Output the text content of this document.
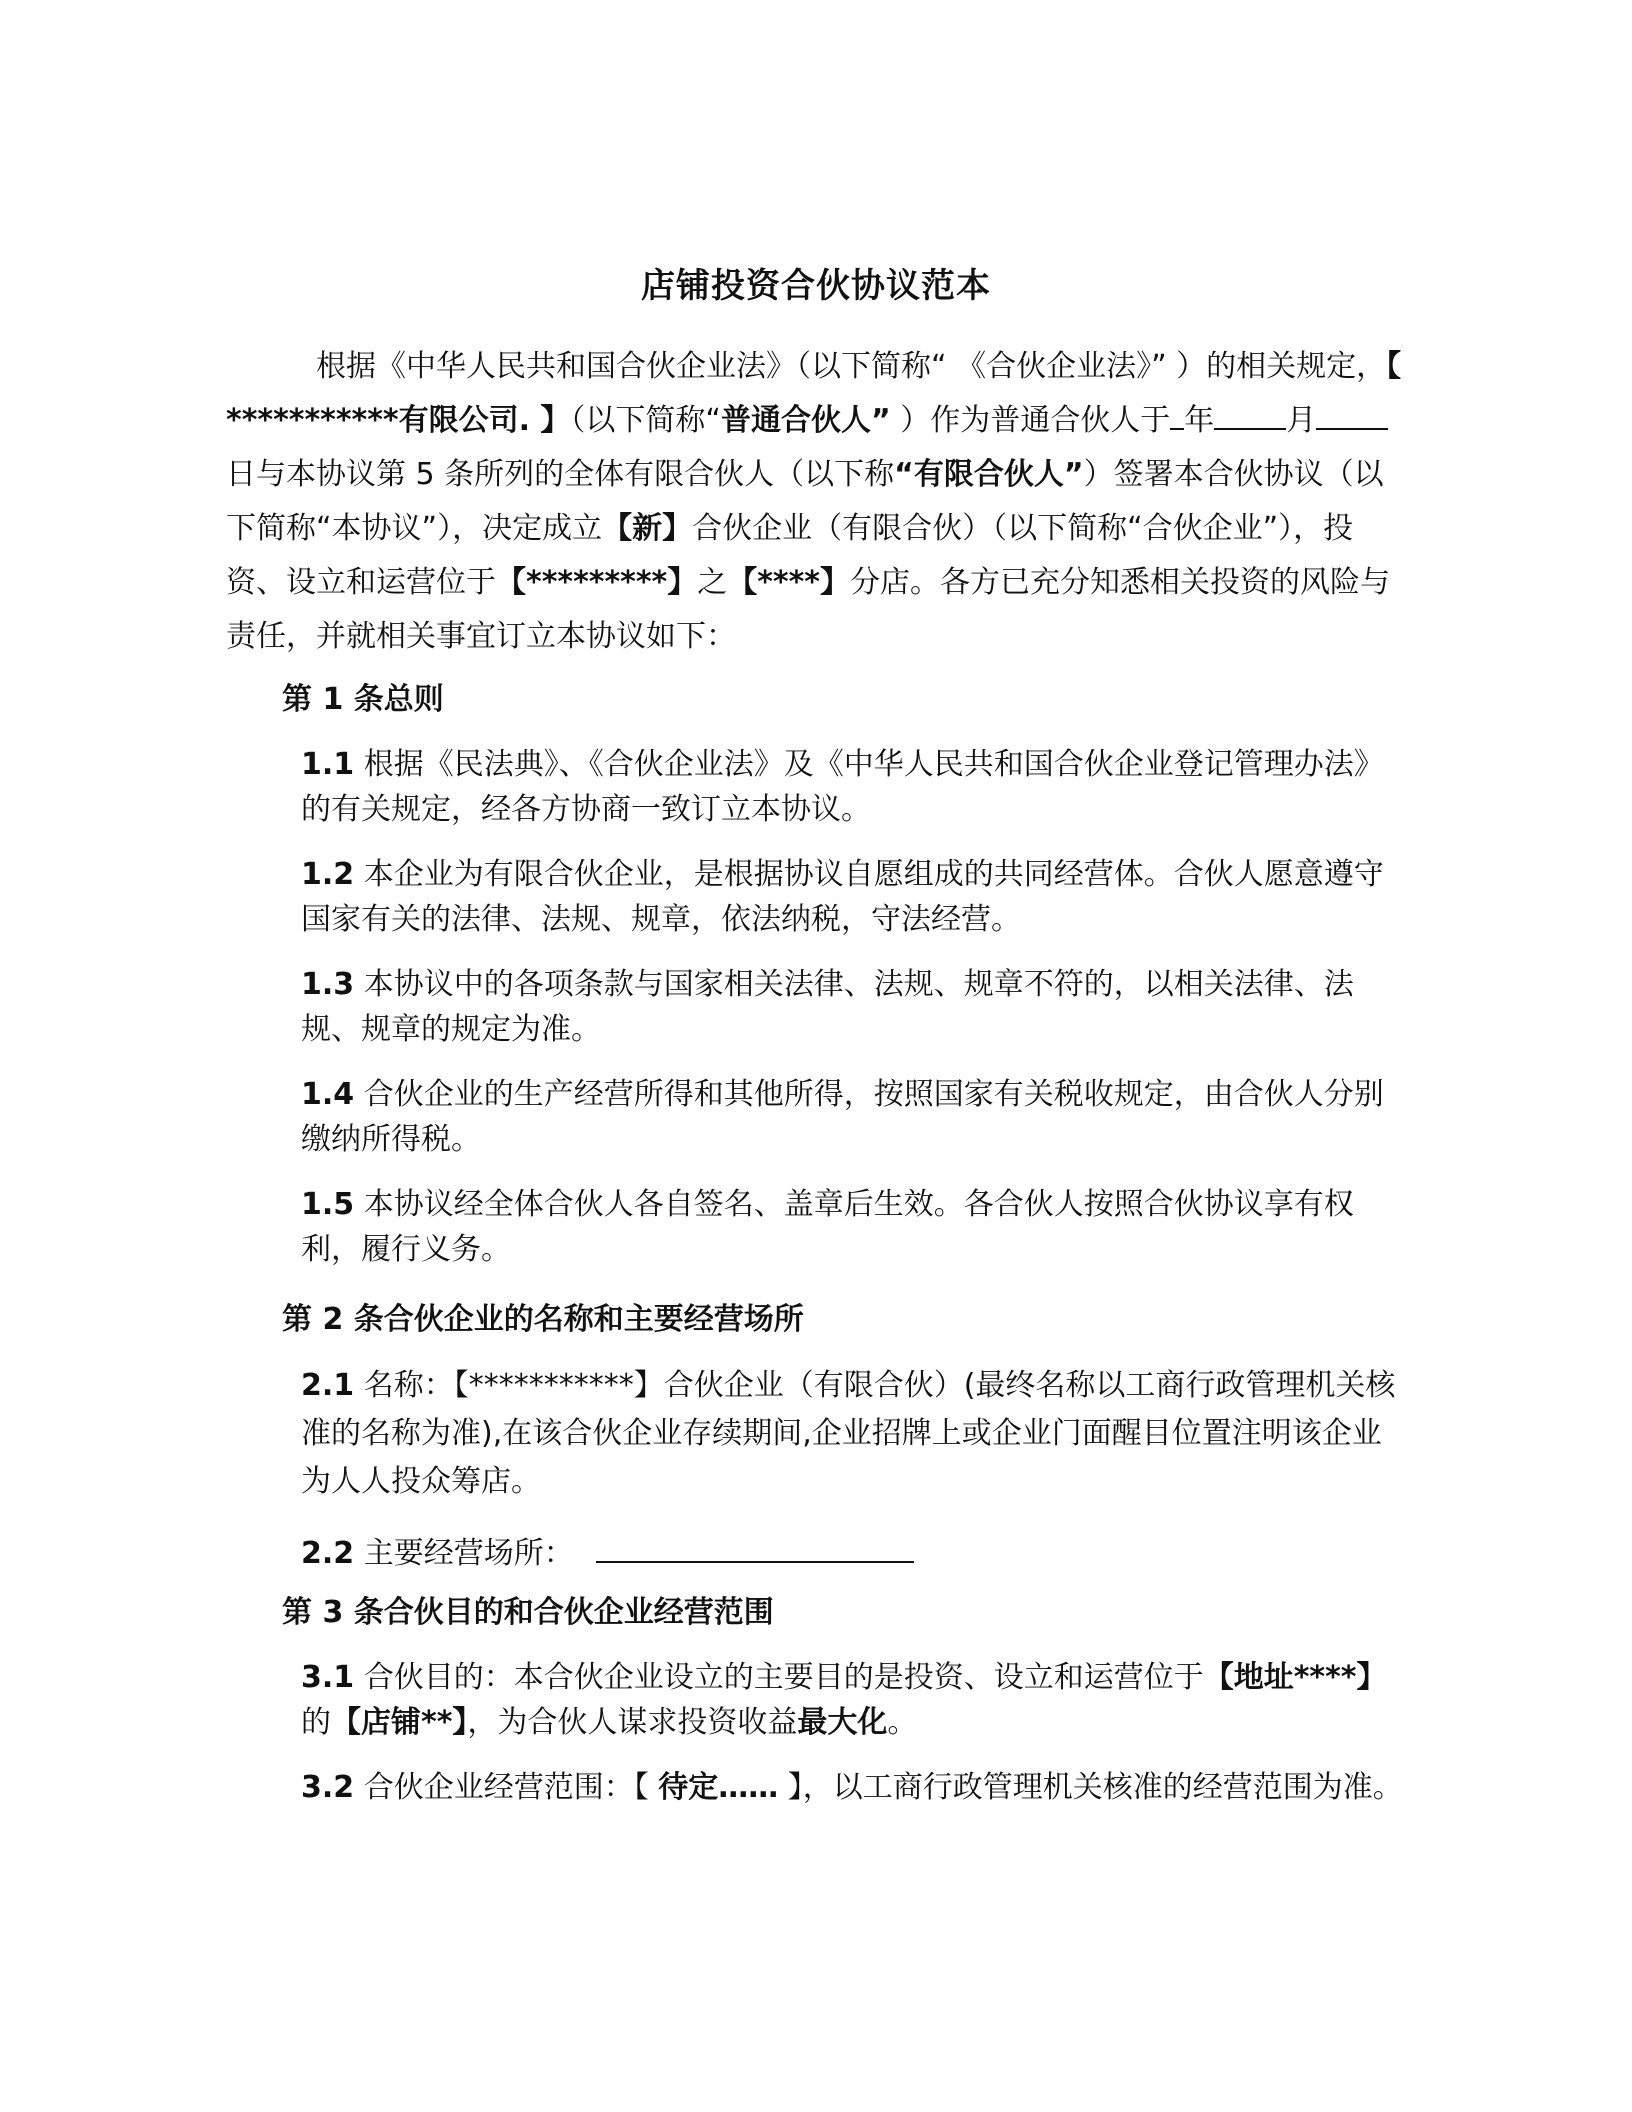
店铺投资合伙协议范本

根据《中华人民共和国合伙企业法》（以下简称“ 《合伙企业法》” ）的相关规定，【 ***********有限公司. 】（以下简称“普通合伙人” ）作为普通合伙人于 年 月日与本协议第 5 条所列的全体有限合伙人（以下称“有限合伙人”）签署本合伙协议（以下简称“本协议”），决定成立【新】合伙企业（有限合伙）（以下简称“合伙企业”），投资、设立和运营位于【*********】之【****】分店。各方已充分知悉相关投资的风险与责任，并就相关事宜订立本协议如下：

第 1 条总则
1.1 根据《民法典》、《合伙企业法》及《中华人民共和国合伙企业登记管理办法》的有关规定，经各方协商一致订立本协议。
1.2 本企业为有限合伙企业，是根据协议自愿组成的共同经营体。合伙人愿意遵守国家有关的法律、法规、规章，依法纳税，守法经营。
1.3 本协议中的各项条款与国家相关法律、法规、规章不符的，以相关法律、法规、规章的规定为准。
1.4 合伙企业的生产经营所得和其他所得，按照国家有关税收规定，由合伙人分别缴纳所得税。
1.5 本协议经全体合伙人各自签名、盖章后生效。各合伙人按照合伙协议享有权利，履行义务。
第 2 条合伙企业的名称和主要经营场所
2.1 名称：【***********】合伙企业（有限合伙）(最终名称以工商行政管理机关核准的名称为准),在该合伙企业存续期间,企业招牌上或企业门面醒目位置注明该企业为人人投众筹店。
2.2 主要经营场所：
第 3 条合伙目的和合伙企业经营范围
3.1 合伙目的：本合伙企业设立的主要目的是投资、设立和运营位于【地址****】的【店铺**】，为合伙人谋求投资收益最大化。
3.2 合伙企业经营范围：【 待定…… 】，以工商行政管理机关核准的经营范围为准。
